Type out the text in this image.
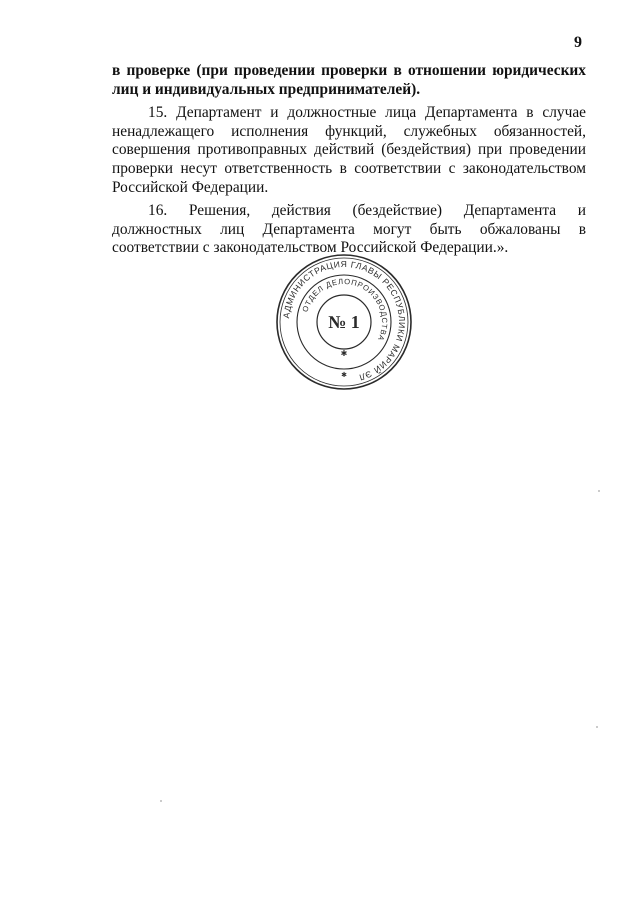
9

в проверке (при проведении проверки в отношении юридических лиц и индивидуальных предпринимателей).

15. Департамент и должностные лица Департамента в случае ненадлежащего исполнения функций, служебных обязанностей, совершения противоправных действий (бездействия) при проведении проверки несут ответственность в соответствии с законодательством Российской Федерации.

16. Решения, действия (бездействие) Департамента и должностных лиц Департамента могут быть обжалованы в соответствии с законодательством Российской Федерации.».

АДМИНИСТРАЦИЯ ГЛАВЫ РЕСПУБЛИКИ МАРИЙ ЭЛ
ОТДЕЛ ДЕЛОПРОИЗВОДСТВА
№ 1
✱
✱
